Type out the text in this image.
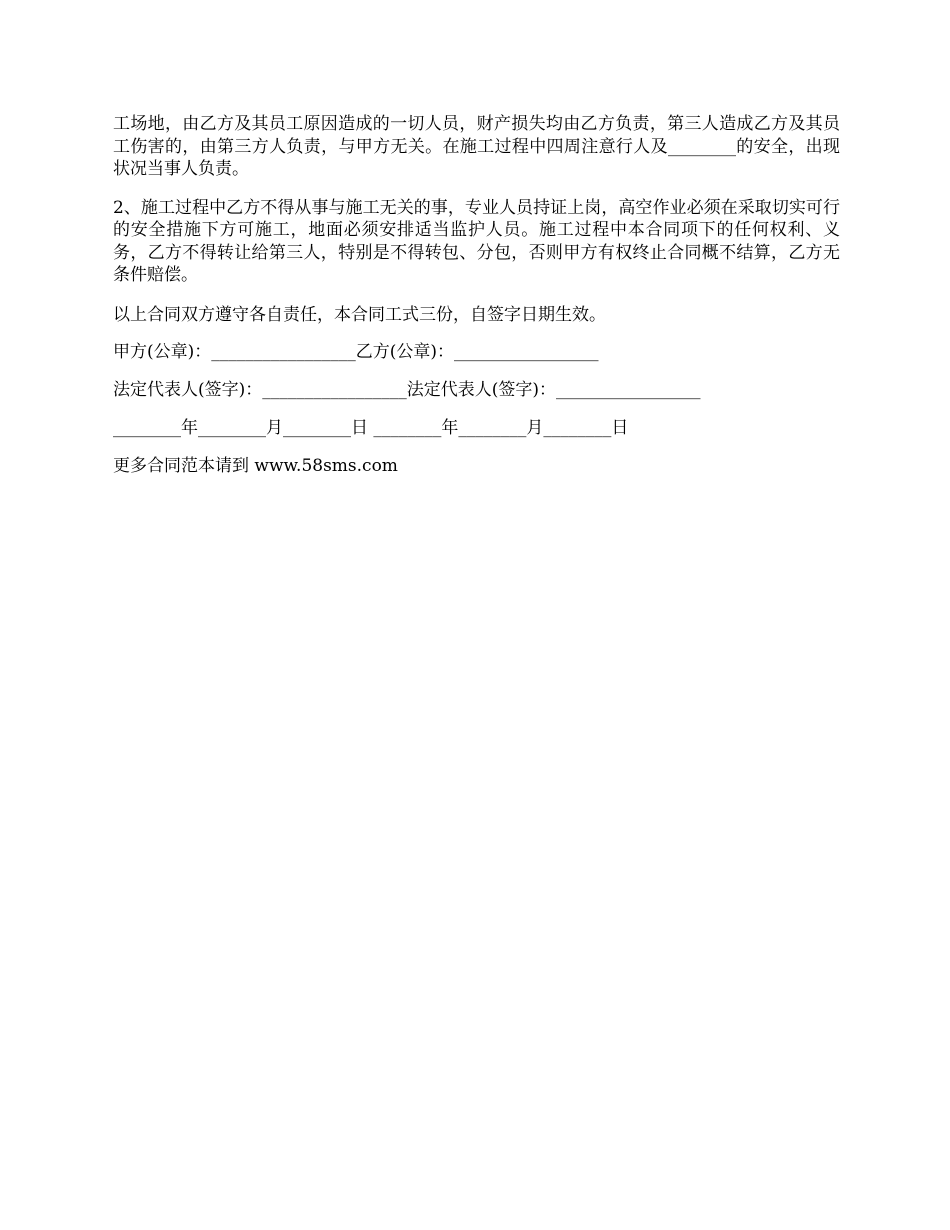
工场地，由乙方及其员工原因造成的一切人员，财产损失均由乙方负责，第三人造成乙方及其员工伤害的，由第三方人负责，与甲方无关。在施工过程中四周注意行人及________的安全，出现状况当事人负责。

2、施工过程中乙方不得从事与施工无关的事，专业人员持证上岗，高空作业必须在采取切实可行的安全措施下方可施工，地面必须安排适当监护人员。施工过程中本合同项下的任何权利、义务，乙方不得转让给第三人，特别是不得转包、分包，否则甲方有权终止合同概不结算，乙方无条件赔偿。

以上合同双方遵守各自责任，本合同工式三份，自签字日期生效。

甲方(公章)：_________________乙方(公章)：_________________

法定代表人(签字)：_________________法定代表人(签字)：_________________

________年________月________日 ________年________月________日

更多合同范本请到 www.58sms.com
